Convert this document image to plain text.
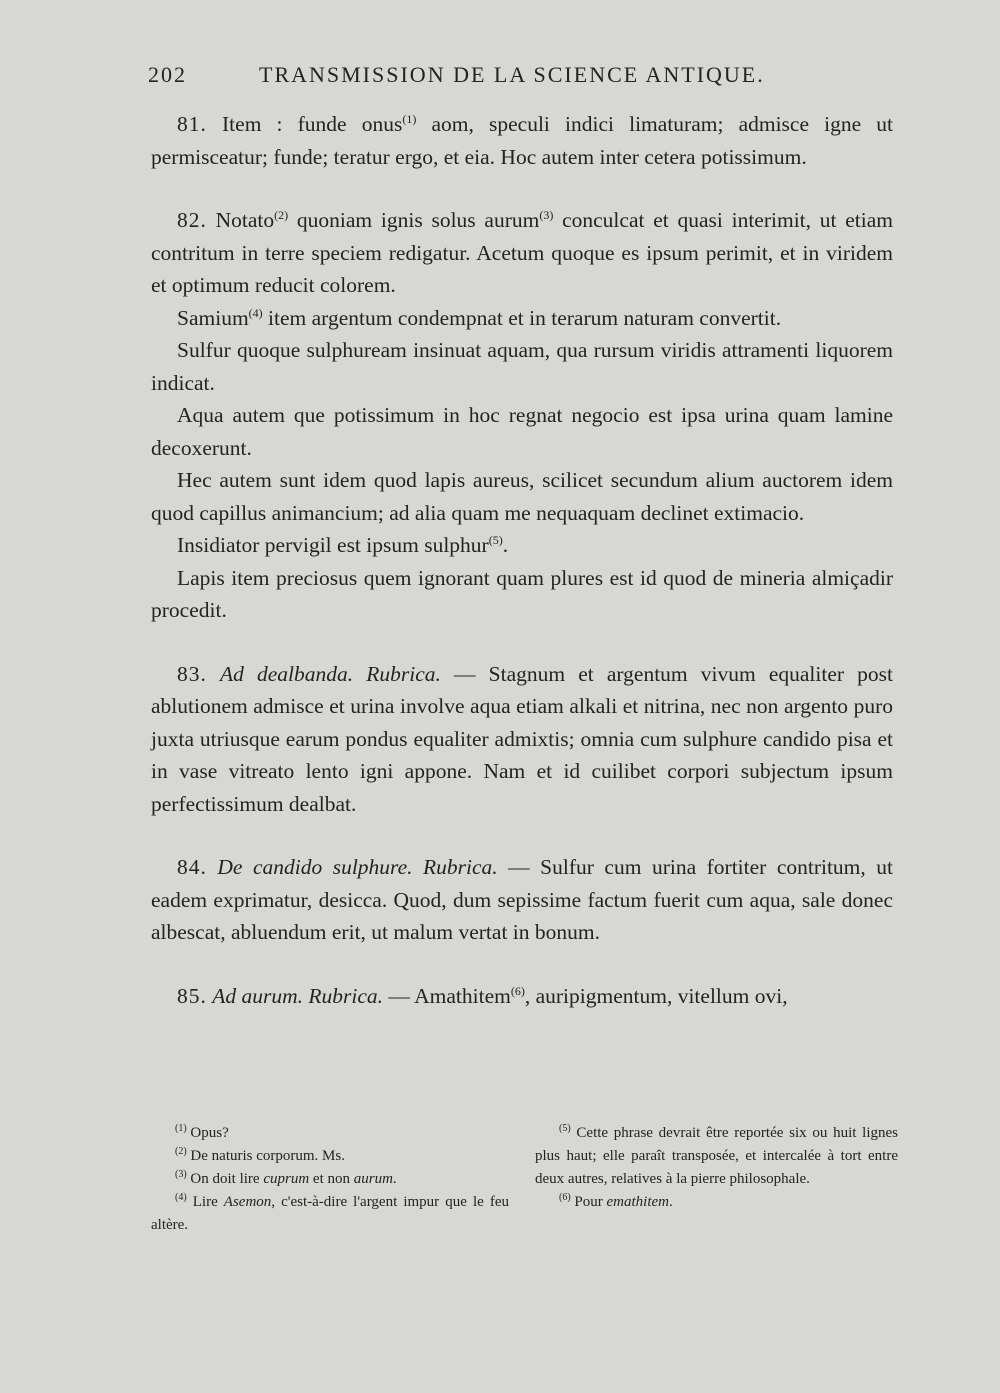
202	TRANSMISSION DE LA SCIENCE ANTIQUE.

81. Item : funde onus$^{(1)}$ aom, speculi indici limaturam; admisce igne ut permisceatur; funde; teratur ergo, et eia. Hoc autem inter cetera potissimum.

82. Notato$^{(2)}$ quoniam ignis solus aurum$^{(3)}$ conculcat et quasi interimit, ut etiam contritum in terre speciem redigatur. Acetum quoque es ipsum perimit, et in viridem et optimum reducit colorem.

Samium$^{(4)}$ item argentum condempnat et in terarum naturam convertit.

Sulfur quoque sulphuream insinuat aquam, qua rursum viridis attramenti liquorem indicat.

Aqua autem que potissimum in hoc regnat negocio est ipsa urina quam lamine decoxerunt.

Hec autem sunt idem quod lapis aureus, scilicet secundum alium auctorem idem quod capillus animancium; ad alia quam me nequaquam declinet extimacio.

Insidiator pervigil est ipsum sulphur$^{(5)}$.

Lapis item preciosus quem ignorant quam plures est id quod de mineria almiçadir procedit.

83. Ad dealbanda. Rubrica. — Stagnum et argentum vivum equaliter post ablutionem admisce et urina involve aqua etiam alkali et nitrina, nec non argento puro juxta utriusque earum pondus equaliter admixtis; omnia cum sulphure candido pisa et in vase vitreato lento igni appone. Nam et id cuilibet corpori subjectum ipsum perfectissimum dealbat.

84. De candido sulphure. Rubrica. — Sulfur cum urina fortiter contritum, ut eadem exprimatur, desicca. Quod, dum sepissime factum fuerit cum aqua, sale donec albescat, abluendum erit, ut malum vertat in bonum.

85. Ad aurum. Rubrica. — Amathitem$^{(6)}$, auripigmentum, vitellum ovi,

$^{(1)}$ Opus?

$^{(2)}$ De naturis corporum. Ms.

$^{(3)}$ On doit lire cuprum et non aurum.

$^{(4)}$ Lire Asemon, c'est-à-dire l'argent impur que le feu altère.

$^{(5)}$ Cette phrase devrait être reportée six ou huit lignes plus haut; elle paraît transposée, et intercalée à tort entre deux autres, relatives à la pierre philosophale.

$^{(6)}$ Pour emathitem.
